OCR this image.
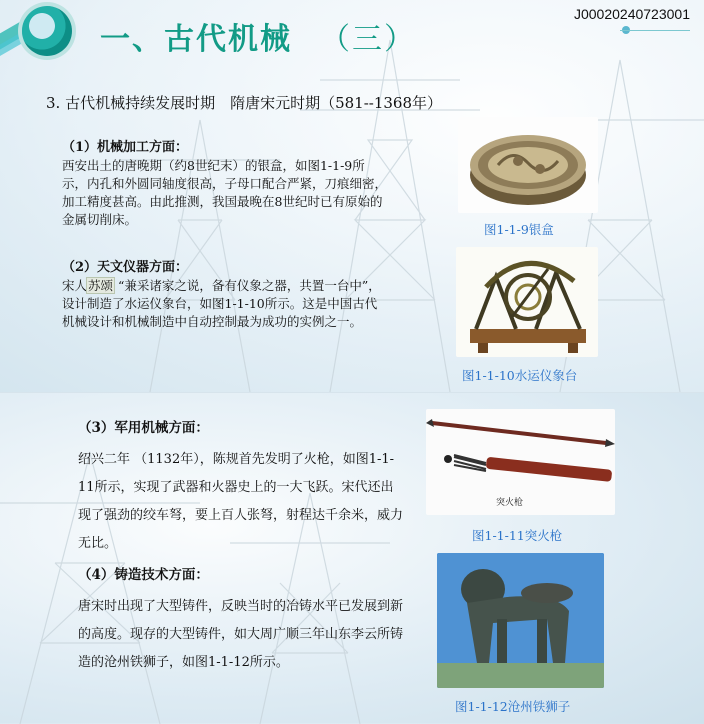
一、古代机械 （三）
J00020240723001
3. 古代机械持续发展时期　隋唐宋元时期（581--1368年）
（1）机械加工方面：
西安出土的唐晚期（约8世纪末）的银盒，如图1-1-9所示，内孔和外圆同轴度很高，子母口配合严紧，刀痕细密，加工精度甚高。由此推测，我国最晚在8世纪时已有原始的金属切削床。
（2）天文仪器方面：
宋人苏颂 “兼采诸家之说，备有仪象之器，共置一台中”，设计制造了水运仪象台，如图1-1-10所示。这是中国古代机械设计和机械制造中自动控制最为成功的实例之一。
（3）军用机械方面：
绍兴二年 （1132年），陈规首先发明了火枪，如图1-1-11所示，实现了武器和火器史上的一大飞跃。宋代还出现了强劲的绞车弩，要上百人张弩，射程达千余米，威力无比。
（4）铸造技术方面：
唐宋时出现了大型铸件，反映当时的冶铸水平已发展到新的高度。现存的大型铸件，如大周广顺三年山东李云所铸造的沧州铁狮子，如图1-1-12所示。
图1-1-9银盒
图1-1-10水运仪象台
突火枪
图1-1-11突火枪
图1-1-12沧州铁狮子
